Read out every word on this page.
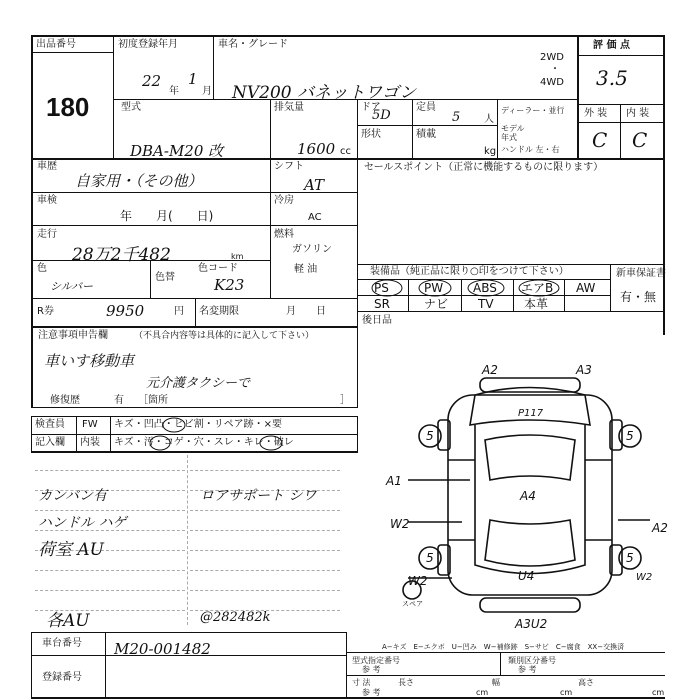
出品番号
180
初度登録年月
22
年
1
月
車名・グレード
NV200 バネットワゴン
2WD
・
4WD
評 価 点
3.5
型式
DBA-M20 改
排気量
1600 cc
ドア
5D
形状
定員
5 人
積載
kg
ディーラー・並行
モデル 年式
ハンドル 左・右
外 装 内 装
C C
車歴
自家用・（その他）
シフト
AT
車検
年　　月(　　日)
冷房
AC
走行
28万2千482	km
燃料
ガソリン
軽 油
色
シルバー
色替
色コード
K23
R券	9950	円 名変期限	月　　日
セールスポイント（正常に機能するものに限ります）
装備品（純正品に限り○印をつけて下さい）	新車保証書
PS	PW ABS エアB AW
SR	ナビ TV	本革	有・無
後日品
注意事項申告欄	（不具合内容等は具体的に記入して下さい）
車いす移動車
元介護タクシーで
修復歴	有 ［箇所	］
検査員
記入欄
FW
内装
キズ・凹凸・ヒビ割・リペア跡・×要
キズ・汚・コゲ・穴・スレ・キレ・破レ
カンバン有
ハンドル ハゲ
荷室 AU
各AU
ロアサポート シワ
@282482k
A2	A3
P117
5	5
A1
A4
W2	A2
5	5
W2	U4	W2
A3U2
スペア
A−キズ　E−エクボ　U−凹み　W−補修跡　S−サビ　C−腐食　XX−交換済
車台番号 M20-001482
登録番号
型式指定番号
参 考
類別区分番号
参 考
寸 法
参 考
長さ
cm
幅
cm
高さ
cm
